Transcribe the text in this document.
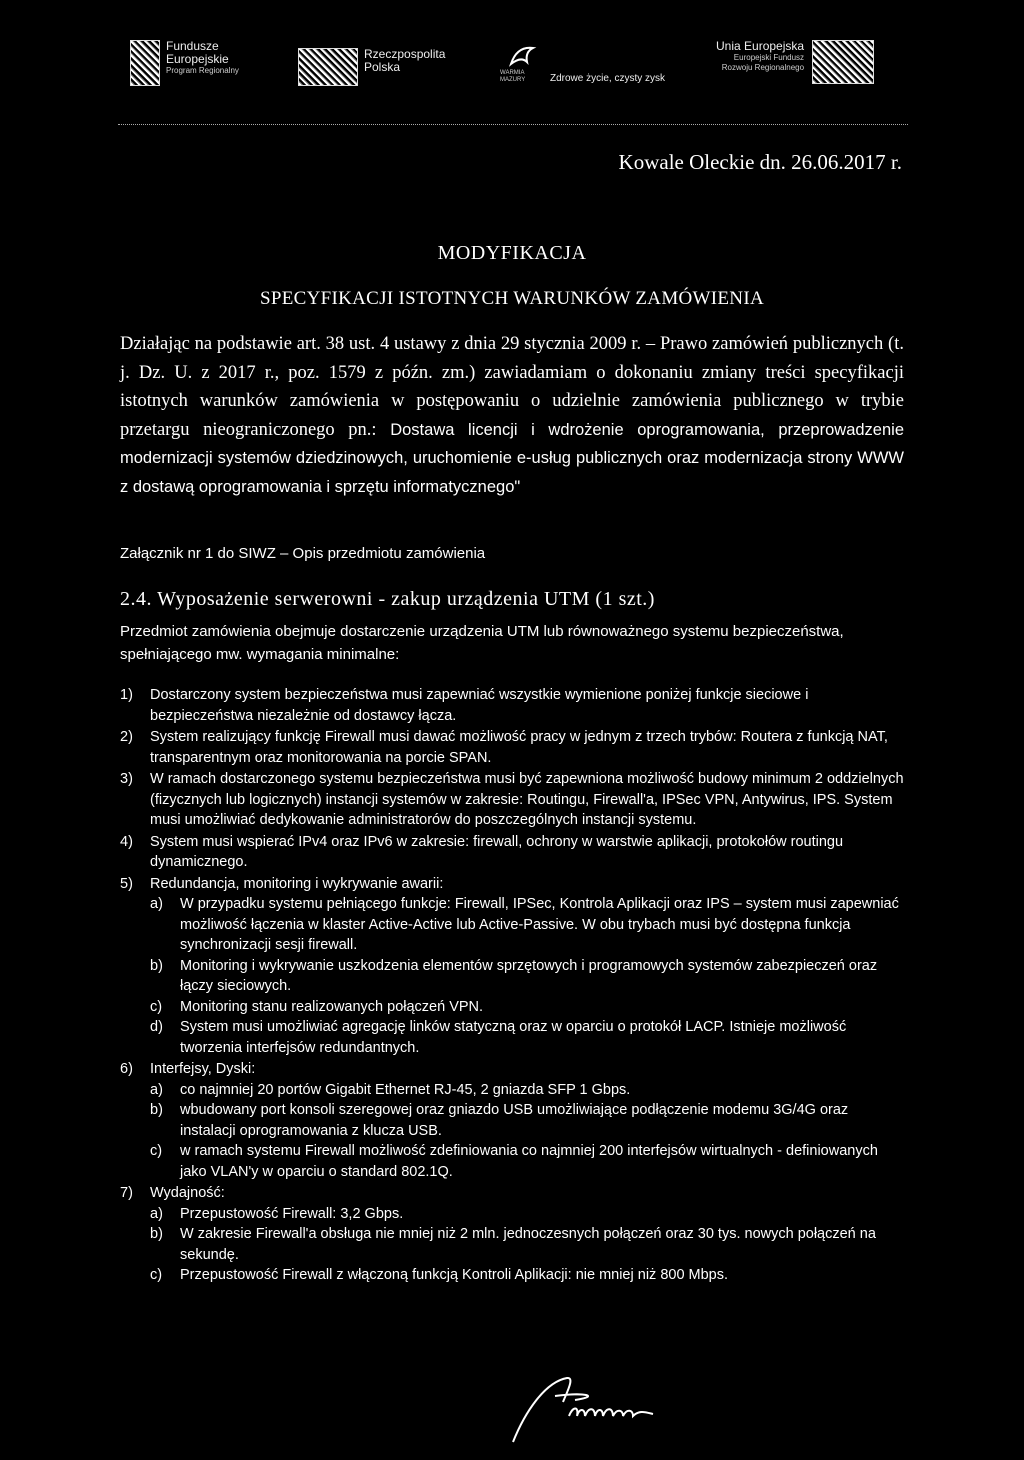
Fundusze
Europejskie
Program Regionalny
Rzeczpospolita
Polska	WARMIA MAZURY	Zdrowe życie, czysty zysk
Unia Europejska
Europejski Fundusz
Rozwoju Regionalnego
Kowale Oleckie dn. 26.06.2017 r.
MODYFIKACJA
SPECYFIKACJI ISTOTNYCH WARUNKÓW ZAMÓWIENIA
Działając na podstawie art. 38 ust. 4 ustawy z dnia 29 stycznia 2009 r. – Prawo zamówień publicznych (t. j. Dz. U. z 2017 r., poz. 1579 z późn. zm.) zawiadamiam o dokonaniu zmiany treści specyfikacji istotnych warunków zamówienia w postępowaniu o udzielnie zamówienia publicznego w trybie przetargu nieograniczonego pn.: Dostawa licencji i wdrożenie oprogramowania, przeprowadzenie modernizacji systemów dziedzinowych, uruchomienie e-usług publicznych oraz modernizacja strony WWW z dostawą oprogramowania i sprzętu informatycznego"
Załącznik nr 1 do SIWZ – Opis przedmiotu zamówienia
2.4. Wyposażenie serwerowni - zakup urządzenia UTM (1 szt.)
Przedmiot zamówienia obejmuje dostarczenie urządzenia UTM lub równoważnego systemu bezpieczeństwa, spełniającego mw. wymagania minimalne:
1)	Dostarczony system bezpieczeństwa musi zapewniać wszystkie wymienione poniżej funkcje sieciowe i bezpieczeństwa niezależnie od dostawcy łącza.
2)	System realizujący funkcję Firewall musi dawać możliwość pracy w jednym z trzech trybów: Routera z funkcją NAT, transparentnym oraz monitorowania na porcie SPAN.
3)	W ramach dostarczonego systemu bezpieczeństwa musi być zapewniona możliwość budowy minimum 2 oddzielnych (fizycznych lub logicznych) instancji systemów w zakresie: Routingu, Firewall'a, IPSec VPN, Antywirus, IPS. System musi umożliwiać dedykowanie administratorów do poszczególnych instancji systemu.
4)	System musi wspierać IPv4 oraz IPv6 w zakresie: firewall, ochrony w warstwie aplikacji, protokołów routingu dynamicznego.
5)	Redundancja, monitoring i wykrywanie awarii:
a)	W przypadku systemu pełniącego funkcje: Firewall, IPSec, Kontrola Aplikacji oraz IPS – system musi zapewniać możliwość łączenia w klaster Active-Active lub Active-Passive. W obu trybach musi być dostępna funkcja synchronizacji sesji firewall.
b)	Monitoring i wykrywanie uszkodzenia elementów sprzętowych i programowych systemów zabezpieczeń oraz łączy sieciowych.
c)	Monitoring stanu realizowanych połączeń VPN.
d)	System musi umożliwiać agregację linków statyczną oraz w oparciu o protokół LACP. Istnieje możliwość tworzenia interfejsów redundantnych.
6)	Interfejsy, Dyski:
a)	co najmniej 20 portów Gigabit Ethernet RJ-45, 2 gniazda SFP 1 Gbps.
b)	wbudowany port konsoli szeregowej oraz gniazdo USB umożliwiające podłączenie modemu 3G/4G oraz instalacji oprogramowania z klucza USB.
c)	w ramach systemu Firewall możliwość zdefiniowania co najmniej 200 interfejsów wirtualnych - definiowanych jako VLAN'y w oparciu o standard 802.1Q.
7)	Wydajność:
a)	Przepustowość Firewall: 3,2 Gbps.
b)	W zakresie Firewall'a obsługa nie mniej niż 2 mln. jednoczesnych połączeń oraz 30 tys. nowych połączeń na sekundę.
c)	Przepustowość Firewall z włączoną funkcją Kontroli Aplikacji: nie mniej niż 800 Mbps.
